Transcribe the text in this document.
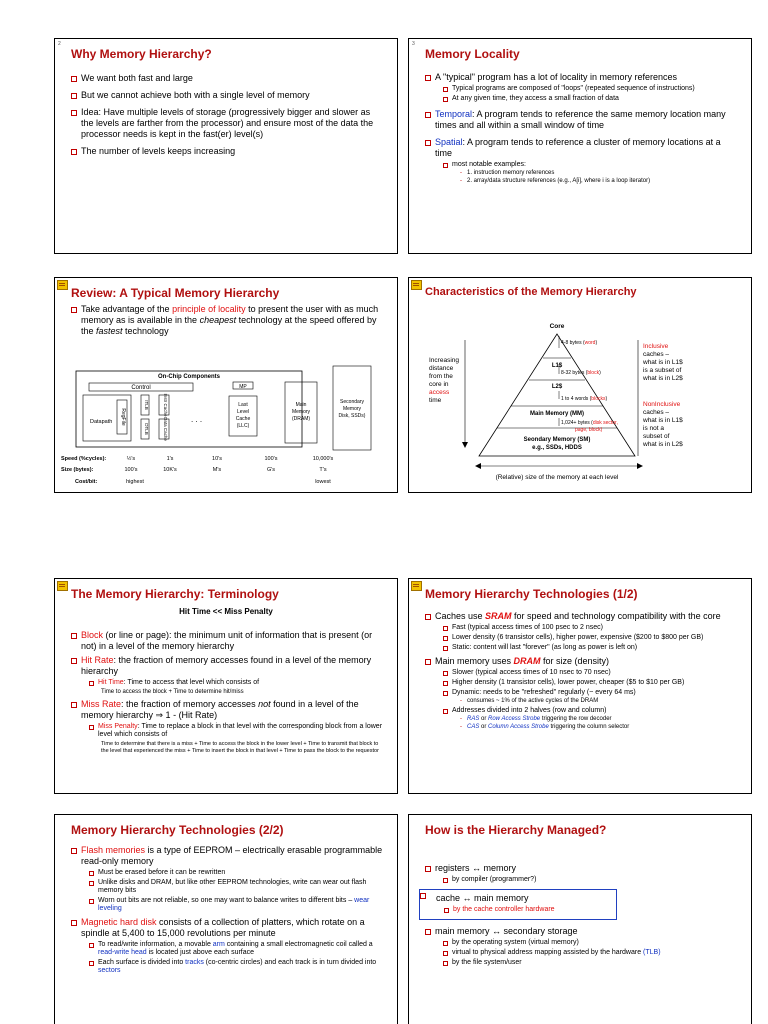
2
Why Memory Hierarchy?
We want both fast and large
But we cannot achieve both with a single level of memory
Idea: Have multiple levels of storage (progressively bigger and slower as the levels are farther from the processor) and ensure most of the data the processor needs is kept in the fast(er) level(s)
The number of levels keeps increasing
3
Memory Locality
A "typical" program has a lot of locality in memory references
Typical programs are composed of "loops" (repeated sequence of instructions)
At any given time, they access a small fraction of data
Temporal: A program tends to reference the same memory location many times and all within a small window of time
Spatial: A program tends to reference a cluster of memory locations at a time
most notable examples:
- 1. instruction memory references
- 2. array/data structure references (e.g., A[i], where i is a loop iterator)
Review: A Typical Memory Hierarchy
Take advantage of the principle of locality to present the user with as much memory as is available in the cheapest technology at the speed offered by the fastest technology
On-Chip Components
Control	MP
Datapath RegFile
ITLB
DTLB
Instr Cache
Data Cache	. . .
Last
Level
Cache
(LLC)
Main
Memory
(DRAM)
Secondary
Memory
Disk, SSDs)
Speed (%cycles):	½'s	1's	10's	100's	10,000's
Size (bytes):	100's	10K's	M's	G's	T's
Cost/bit:	highest	lowest
Characteristics of the Memory Hierarchy
Core
L1$
L2$
Main Memory (MM)
Seondary Memory (SM)
e.g., SSDs, HDDS
4-8 bytes (word)
8-32 bytes (block)
1 to 4 words (blocks)
1,024+ bytes (disk sector,
page, block)
Increasing
distance
from the
core in
access
time
Inclusive
caches –
what is in L1$
is a subset of
what is in L2$
NonInclusive
caches –
what is in L1$
is not a
subset of
what is in L2$
(Relative) size of the memory at each level
The Memory Hierarchy: Terminology
Hit Time << Miss Penalty
Block (or line or page): the minimum unit of information that is present (or not) in a level of the memory hierarchy
Hit Rate: the fraction of memory accesses found in a level of the memory hierarchy
Hit Time: Time to access that level which consists of
Time to access the block + Time to determine hit/miss
Miss Rate: the fraction of memory accesses not found in a level of the memory hierarchy ⇒ 1 - (Hit Rate)
Miss Penalty: Time to replace a block in that level with the corresponding block from a lower level which consists of
Time to determine that there is a miss + Time to access the block in the lower level + Time to transmit that block to the level that experienced the miss + Time to insert the block in that level + Time to pass the block to the requestor
Memory Hierarchy Technologies (1/2)
Caches use SRAM for speed and technology compatibility with the core
Fast (typical access times of 100 psec to 2 nsec)
Lower density (6 transistor cells), higher power, expensive ($200 to $800 per GB)
Static: content will last "forever" (as long as power is left on)
Main memory uses DRAM for size (density)
Slower (typical access times of 10 nsec to 70 nsec)
Higher density (1 transistor cells), lower power, cheaper ($5 to $10 per GB)
Dynamic: needs to be "refreshed" regularly (~ every 64 ms)
- consumes ~ 1% of the active cycles of the DRAM
Addresses divided into 2 halves (row and column)
- RAS or Row Access Strobe triggering the row decoder
- CAS or Column Access Strobe triggering the column selector
Memory Hierarchy Technologies (2/2)
Flash memories is a type of EEPROM – electrically erasable programmable read-only memory
Must be erased before it can be rewritten
Unlike disks and DRAM, but like other EEPROM technologies, write can wear out flash memory bits
Worn out bits are not reliable, so one may want to balance writes to different bits – wear leveling
Magnetic hard disk consists of a collection of platters, which rotate on a spindle at 5,400 to 15,000 revolutions per minute
To read/write information, a movable arm containing a small electromagnetic coil called a read-write head is located just above each surface
Each surface is divided into tracks (co-centric circles) and each track is in turn divided into sectors
How is the Hierarchy Managed?
registers ↔ memory
by compiler (programmer?)
cache ↔ main memory
by the cache controller hardware
main memory ↔ secondary storage
by the operating system (virtual memory)
virtual to physical address mapping assisted by the hardware (TLB)
by the file system/user
